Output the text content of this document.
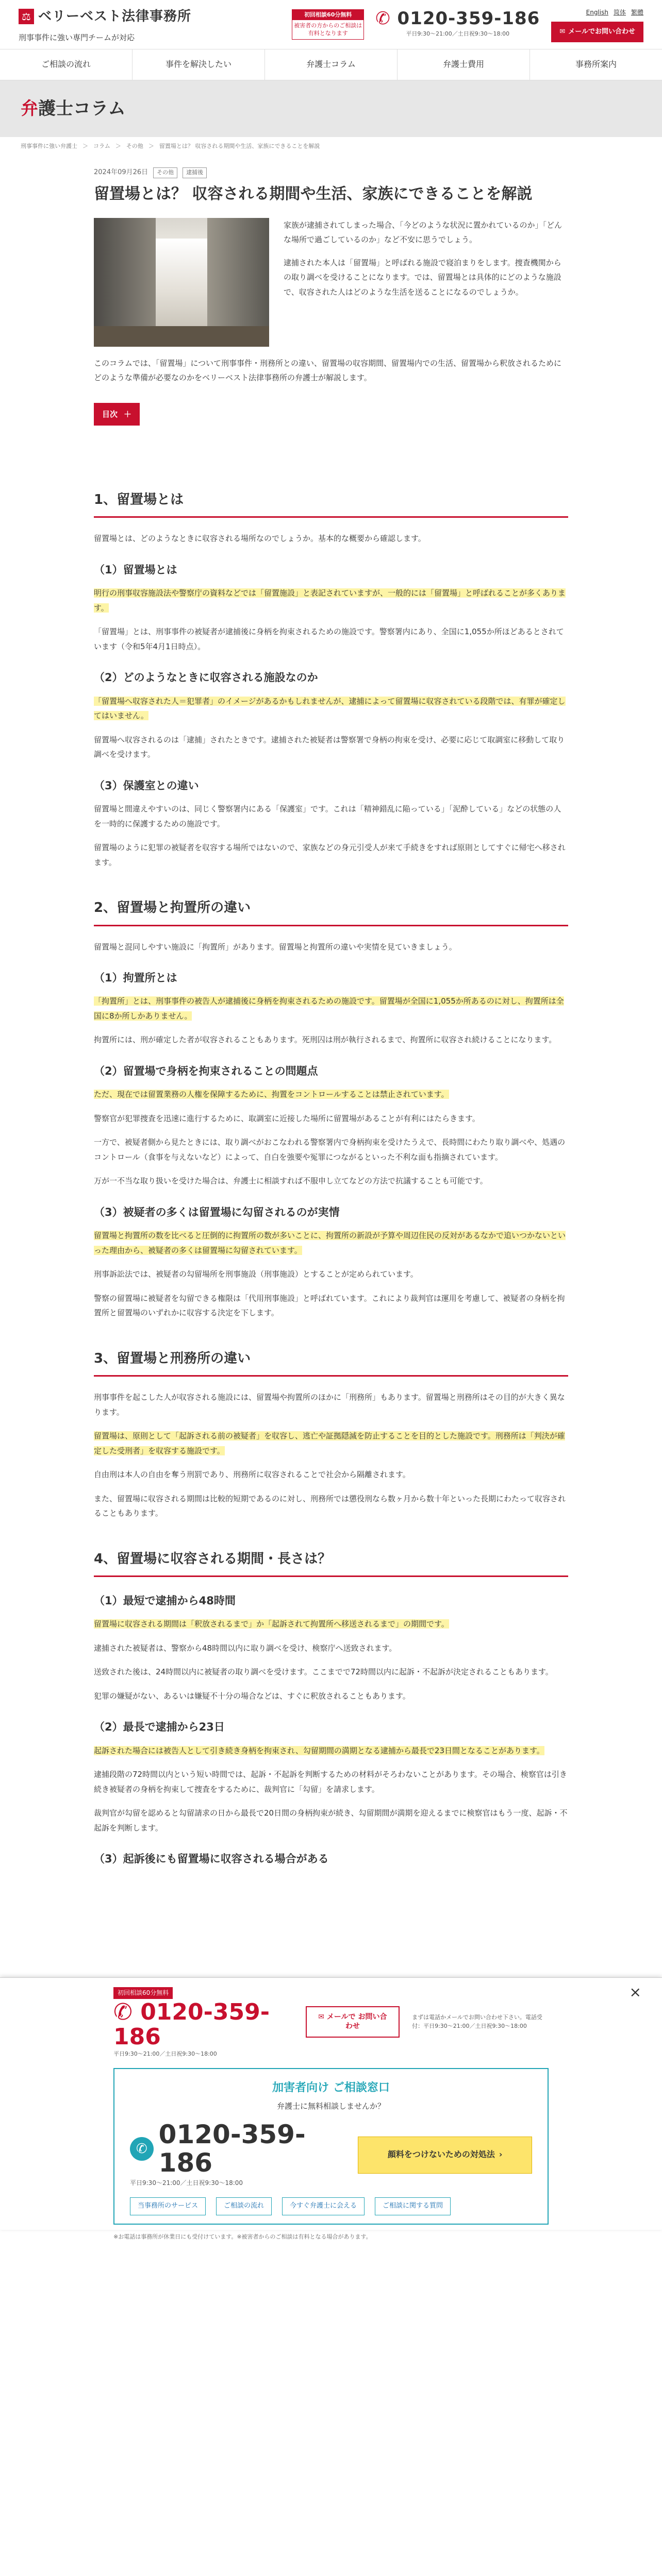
⚖ ベリーベスト法律事務所
刑事事件に強い専門チームが対応
初回相談60分無料
被害者の方からのご相談は有料となります
✆ 0120-359-186
平日9:30〜21:00／土日祝9:30〜18:00
English 简体 繁體
✉ メールでお問い合わせ
ご相談の流れ	事件を解決したい	弁護士コラム	弁護士費用	事務所案内
弁 護士コラム
刑事事件に強い弁護士 ＞ コラム ＞ その他 ＞ 留置場とは？ 収容される期間や生活、家族にできることを解説
2024年09月26日	その他	逮捕後
留置場とは？ 収容される期間や生活、家族にできることを解説

家族が逮捕されてしまった場合、「今どのような状況に置かれているのか」「どんな場所で過ごしているのか」など不安に思うでしょう。

逮捕された本人は「留置場」と呼ばれる施設で寝泊まりをします。捜査機関からの取り調べを受けることになります。では、留置場とは具体的にどのような施設で、収容された人はどのような生活を送ることになるのでしょうか。

このコラムでは、「留置場」について刑事事件・刑務所との違い、留置場の収容期間、留置場内での生活、留置場から釈放されるためにどのような準備が必要なのかをベリーベスト法律事務所の弁護士が解説します。

目次 ＋
1、留置場とは

留置場とは、どのようなときに収容される場所なのでしょうか。基本的な概要から確認します。

（1）留置場とは

明行の刑事収容施設法や警察庁の資料などでは「留置施設」と表記されていますが、一般的には「留置場」と呼ばれることが多くあります。

「留置場」とは、刑事事件の被疑者が逮捕後に身柄を拘束されるための施設です。警察署内にあり、全国に1,055か所ほどあるとされています（令和5年4月1日時点）。

（2）どのようなときに収容される施設なのか

「留置場へ収容された人＝犯罪者」のイメージがあるかもしれませんが、逮捕によって留置場に収容されている段階では、有罪が確定してはいません。

留置場へ収容されるのは「逮捕」されたときです。逮捕された被疑者は警察署で身柄の拘束を受け、必要に応じて取調室に移動して取り調べを受けます。

（3）保護室との違い

留置場と間違えやすいのは、同じく警察署内にある「保護室」です。これは「精神錯乱に陥っている」「泥酔している」などの状態の人を一時的に保護するための施設です。

留置場のように犯罪の被疑者を収容する場所ではないので、家族などの身元引受人が来て手続きをすれば原則としてすぐに帰宅へ移されます。

2、留置場と拘置所の違い

留置場と混同しやすい施設に「拘置所」があります。留置場と拘置所の違いや実情を見ていきましょう。

（1）拘置所とは

「拘置所」とは、刑事事件の被告人が逮捕後に身柄を拘束されるための施設です。留置場が全国に1,055か所あるのに対し、拘置所は全国に8か所しかありません。

拘置所には、刑が確定した者が収容されることもあります。死刑囚は刑が執行されるまで、拘置所に収容され続けることになります。

（2）留置場で身柄を拘束されることの問題点

ただ、現在では留置業務の人権を保障するために、拘置をコントロールすることは禁止されています。

警察官が犯罪捜査を迅速に進行するために、取調室に近接した場所に留置場があることが有利にはたらきます。

一方で、被疑者側から見たときには、取り調べがおこなわれる警察署内で身柄拘束を受けたうえで、長時間にわたり取り調べや、処遇のコントロール（食事を与えないなど）によって、自白を強要や冤罪につながるといった不利な面も指摘されています。

万が一不当な取り扱いを受けた場合は、弁護士に相談すれば不服申し立てなどの方法で抗議することも可能です。

（3）被疑者の多くは留置場に勾留されるのが実情

留置場と拘置所の数を比べると圧倒的に拘置所の数が多いことに、拘置所の新設が予算や周辺住民の反対があるなかで追いつかないといった理由から、被疑者の多くは留置場に勾留されています。

刑事訴訟法では、被疑者の勾留場所を刑事施設（刑事施設）とすることが定められています。

警察の留置場に被疑者を勾留できる権限は「代用刑事施設」と呼ばれています。これにより裁判官は運用を考慮して、被疑者の身柄を拘置所と留置場のいずれかに収容する決定を下します。

3、留置場と刑務所の違い

刑事事件を起こした人が収容される施設には、留置場や拘置所のほかに「刑務所」もあります。留置場と刑務所はその目的が大きく異なります。

留置場は、原則として「起訴される前の被疑者」を収容し、逃亡や証拠隠滅を防止することを目的とした施設です。刑務所は「判決が確定した受刑者」を収容する施設です。

自由刑は本人の自由を奪う刑罰であり、刑務所に収容されることで社会から隔離されます。

また、留置場に収容される期間は比較的短期であるのに対し、刑務所では懲役刑なら数ヶ月から数十年といった長期にわたって収容されることもあります。

4、留置場に収容される期間・長さは？
（1）最短で逮捕から48時間

留置場に収容される期間は「釈放されるまで」か「起訴されて拘置所へ移送されるまで」の期間です。

逮捕された被疑者は、警察から48時間以内に取り調べを受け、検察庁へ送致されます。

送致された後は、24時間以内に被疑者の取り調べを受けます。ここまでで72時間以内に起訴・不起訴が決定されることもあります。

犯罪の嫌疑がない、あるいは嫌疑不十分の場合などは、すぐに釈放されることもあります。

（2）最長で逮捕から23日

起訴された場合には被告人として引き続き身柄を拘束され、勾留期間の満期となる逮捕から最長で23日間となることがあります。

逮捕段階の72時間以内という短い時間では、起訴・不起訴を判断するための材料がそろわないことがあります。その場合、検察官は引き続き被疑者の身柄を拘束して捜査をするために、裁判官に「勾留」を請求します。

裁判官が勾留を認めると勾留請求の日から最長で20日間の身柄拘束が続き、勾留期間が満期を迎えるまでに検察官はもう一度、起訴・不起訴を判断します。

（3）起訴後にも留置場に収容される場合がある
初回相談60分無料
✆ 0120-359-186
平日9:30〜21:00／土日祝9:30〜18:00
✉ メールで お問い合わせ
まずは電話かメールでお問い合わせ下さい。電話受付：平日9:30〜21:00／土日祝9:30〜18:00
×
加害者向け ご相談窓口
弁護士に無料相談しませんか？
✆ 0120-359-186
平日9:30〜21:00／土日祝9:30〜18:00
顔料をつけないための対処法 ›
当事務所のサービス	ご相談の流れ	今すぐ弁護士に会える	ご相談に関する質問
※お電話は事務所が休業日にも受付けています。※被害者からのご相談は有料となる場合があります。
